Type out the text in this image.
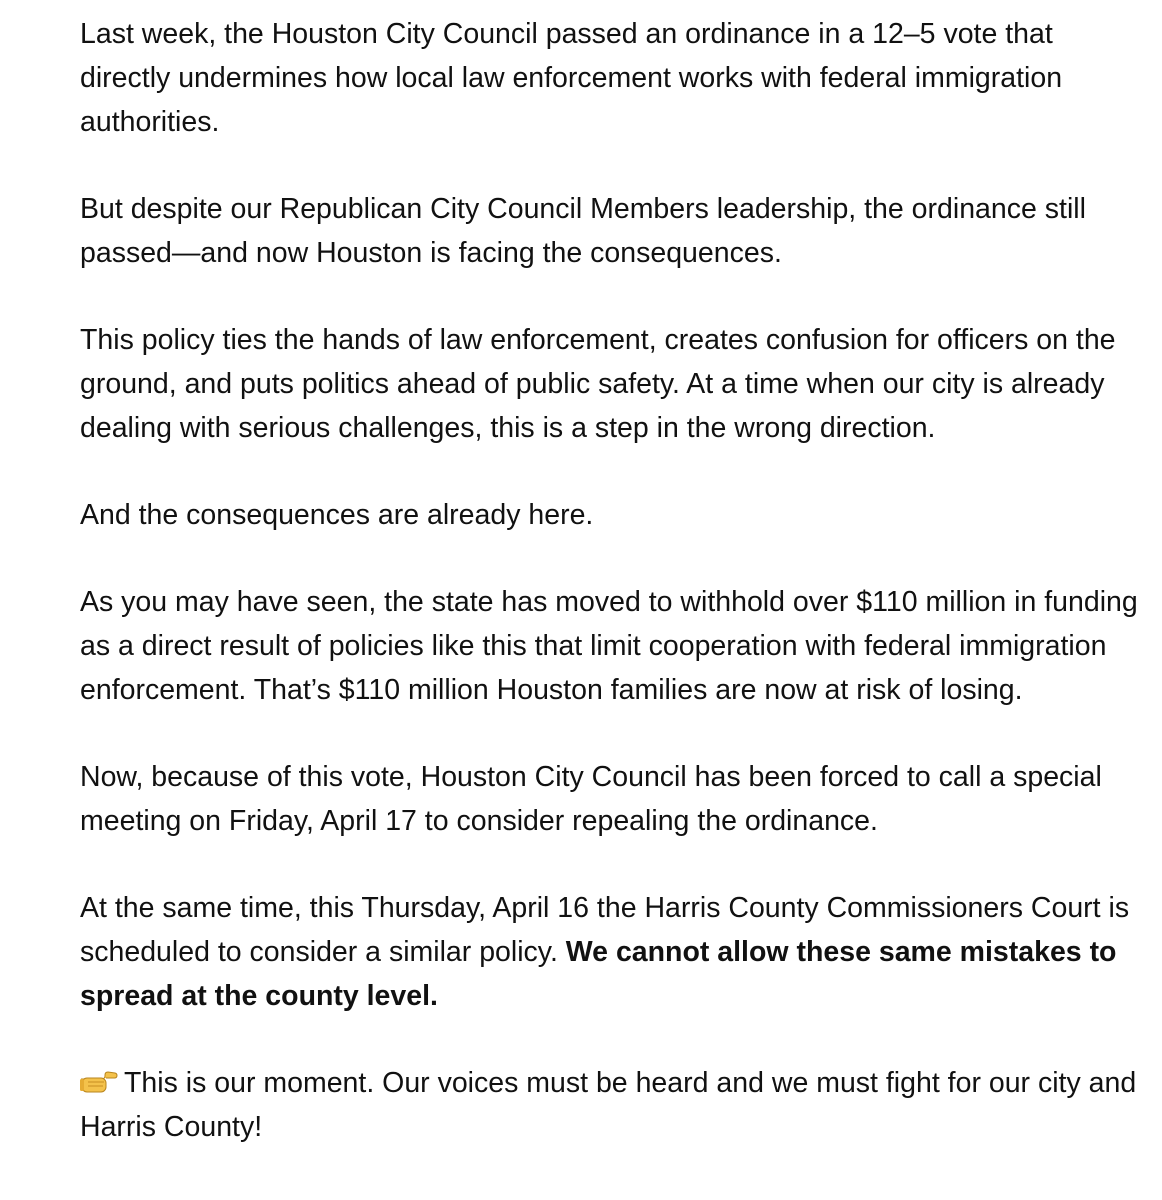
Last week, the Houston City Council passed an ordinance in a 12–5 vote that directly undermines how local law enforcement works with federal immigration authorities.

But despite our Republican City Council Members leadership, the ordinance still passed—and now Houston is facing the consequences.

This policy ties the hands of law enforcement, creates confusion for officers on the ground, and puts politics ahead of public safety. At a time when our city is already dealing with serious challenges, this is a step in the wrong direction.

And the consequences are already here.

As you may have seen, the state has moved to withhold over $110 million in funding as a direct result of policies like this that limit cooperation with federal immigration enforcement. That’s $110 million Houston families are now at risk of losing.

Now, because of this vote, Houston City Council has been forced to call a special meeting on Friday, April 17 to consider repealing the ordinance.

At the same time, this Thursday, April 16 the Harris County Commissioners Court is scheduled to consider a similar policy. We cannot allow these same mistakes to spread at the county level.

This is our moment. Our voices must be heard and we must fight for our city and Harris County!
